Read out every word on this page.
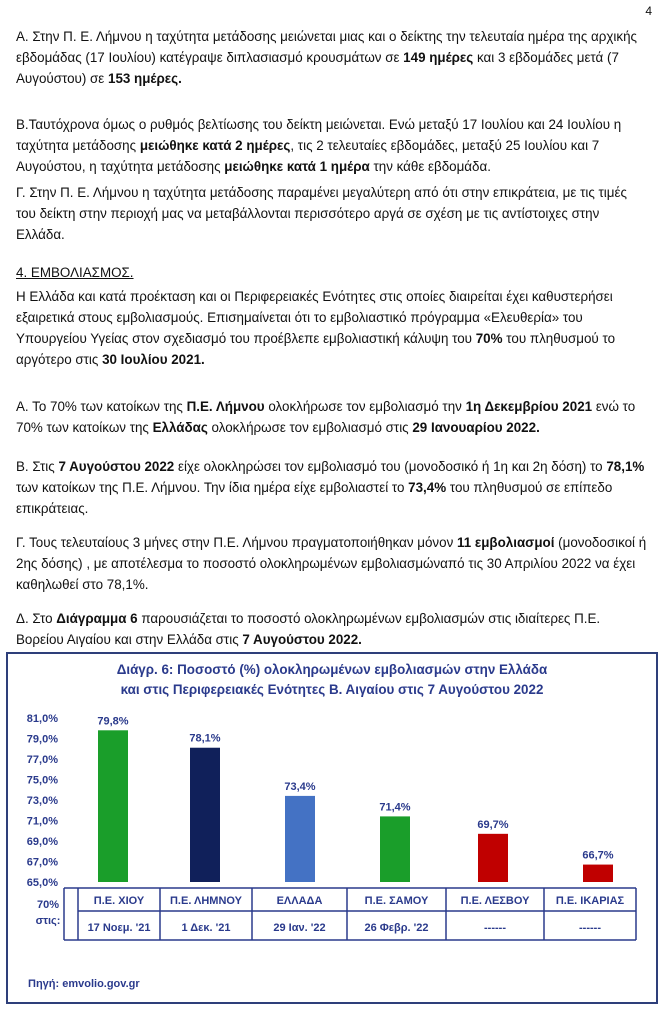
4

Α. Στην Π. Ε. Λήμνου η ταχύτητα μετάδοσης μειώνεται μιας και ο δείκτης την τελευταία ημέρα της αρχικής εβδομάδας (17 Ιουλίου) κατέγραψε διπλασιασμό κρουσμάτων σε 149 ημέρες και 3 εβδομάδες μετά (7 Αυγούστου) σε 153 ημέρες.

Β.Ταυτόχρονα όμως ο ρυθμός βελτίωσης του δείκτη μειώνεται. Ενώ μεταξύ 17 Ιουλίου και 24 Ιουλίου η ταχύτητα μετάδοσης μειώθηκε κατά 2 ημέρες, τις 2 τελευταίες εβδομάδες, μεταξύ 25 Ιουλίου και 7 Αυγούστου, η ταχύτητα μετάδοσης μειώθηκε κατά 1 ημέρα την κάθε εβδομάδα.

Γ. Στην Π. Ε. Λήμνου η ταχύτητα μετάδοσης παραμένει μεγαλύτερη από ότι στην επικράτεια, με τις τιμές του δείκτη στην περιοχή μας να μεταβάλλονται περισσότερο αργά σε σχέση με τις αντίστοιχες στην Ελλάδα.

4. ΕΜΒΟΛΙΑΣΜΟΣ.

Η Ελλάδα και κατά προέκταση και οι Περιφερειακές Ενότητες στις οποίες διαιρείται έχει καθυστερήσει εξαιρετικά στους εμβολιασμούς. Επισημαίνεται ότι το εμβολιαστικό πρόγραμμα «Ελευθερία» του Υπουργείου Υγείας στον σχεδιασμό του προέβλεπε εμβολιαστική κάλυψη του 70% του πληθυσμού το αργότερο στις 30 Ιουλίου 2021.

Α. Το 70% των κατοίκων της Π.Ε. Λήμνου ολοκλήρωσε τον εμβολιασμό την 1η Δεκεμβρίου 2021 ενώ το 70% των κατοίκων της Ελλάδας ολοκλήρωσε τον εμβολιασμό στις 29 Ιανουαρίου 2022.

Β. Στις 7 Αυγούστου 2022 είχε ολοκληρώσει τον εμβολιασμό του (μονοδοσικό ή 1η και 2η δόση) το 78,1% των κατοίκων της Π.Ε. Λήμνου. Την ίδια ημέρα είχε εμβολιαστεί το 73,4% του πληθυσμού σε επίπεδο επικράτειας.

Γ. Τους τελευταίους 3 μήνες στην Π.Ε. Λήμνου πραγματοποιήθηκαν μόνον 11 εμβολιασμοί (μονοδοσικοί ή 2ης δόσης) , με αποτέλεσμα το ποσοστό ολοκληρωμένων εμβολιασμώναπό τις 30 Απριλίου 2022 να έχει καθηλωθεί στο 78,1%.

Δ. Στο Διάγραμμα 6 παρουσιάζεται το ποσοστό ολοκληρωμένων εμβολιασμών στις ιδιαίτερες Π.Ε. Βορείου Αιγαίου και στην Ελλάδα στις 7 Αυγούστου 2022.

Διάγρ. 6: Ποσοστό (%) ολοκληρωμένων εμβολιασμών στην Ελλάδα
και στις Περιφερειακές Ενότητες Β. Αιγαίου στις 7 Αυγούστου 2022
65,0%
67,0%
69,0%
71,0%
73,0%
75,0%
77,0%
79,0%
81,0%	79,8%
78,1%
73,4%
71,4%
69,7%
66,7%
70%
στις:
Π.Ε. ΧΙΟΥ
17 Νοεμ. '21
Π.Ε. ΛΗΜΝΟΥ
1 Δεκ. '21
ΕΛΛΑΔΑ
29 Ιαν. '22
Π.Ε. ΣΑΜΟΥ
26 Φεβρ. '22
Π.Ε. ΛΕΣΒΟΥ
------
Π.Ε. ΙΚΑΡΙΑΣ
------
Πηγή: emvolio.gov.gr
